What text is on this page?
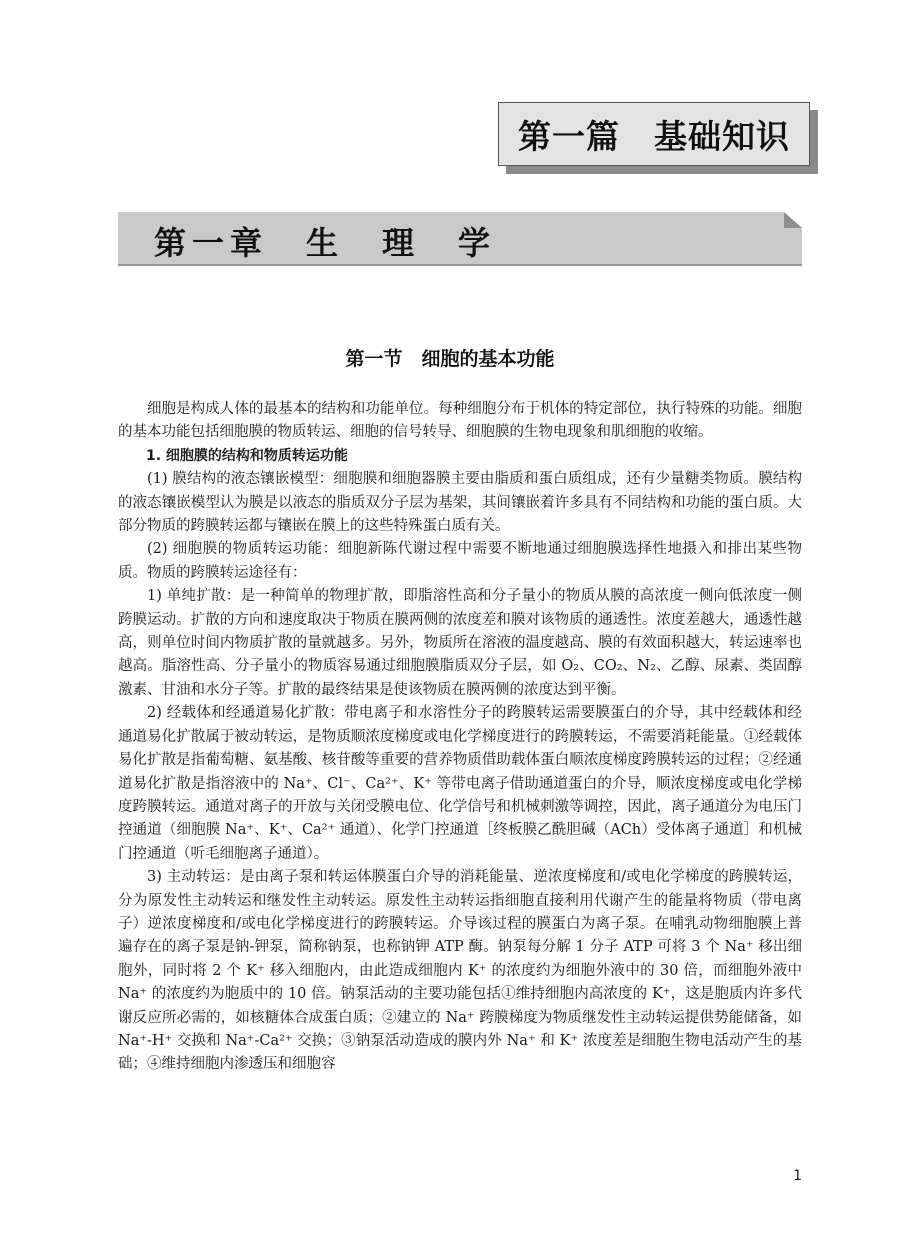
第一篇　基础知识
第一章　生　理　学
第一节　细胞的基本功能

细胞是构成人体的最基本的结构和功能单位。每种细胞分布于机体的特定部位，执行特殊的功能。细胞的基本功能包括细胞膜的物质转运、细胞的信号转导、细胞膜的生物电现象和肌细胞的收缩。

1. 细胞膜的结构和物质转运功能

(1) 膜结构的液态镶嵌模型：细胞膜和细胞器膜主要由脂质和蛋白质组成，还有少量糖类物质。膜结构的液态镶嵌模型认为膜是以液态的脂质双分子层为基架，其间镶嵌着许多具有不同结构和功能的蛋白质。大部分物质的跨膜转运都与镶嵌在膜上的这些特殊蛋白质有关。

(2) 细胞膜的物质转运功能：细胞新陈代谢过程中需要不断地通过细胞膜选择性地摄入和排出某些物质。物质的跨膜转运途径有：

1) 单纯扩散：是一种简单的物理扩散，即脂溶性高和分子量小的物质从膜的高浓度一侧向低浓度一侧跨膜运动。扩散的方向和速度取决于物质在膜两侧的浓度差和膜对该物质的通透性。浓度差越大，通透性越高，则单位时间内物质扩散的量就越多。另外，物质所在溶液的温度越高、膜的有效面积越大，转运速率也越高。脂溶性高、分子量小的物质容易通过细胞膜脂质双分子层，如 O₂、CO₂、N₂、乙醇、尿素、类固醇激素、甘油和水分子等。扩散的最终结果是使该物质在膜两侧的浓度达到平衡。

2) 经载体和经通道易化扩散：带电离子和水溶性分子的跨膜转运需要膜蛋白的介导，其中经载体和经通道易化扩散属于被动转运，是物质顺浓度梯度或电化学梯度进行的跨膜转运，不需要消耗能量。①经载体易化扩散是指葡萄糖、氨基酸、核苷酸等重要的营养物质借助载体蛋白顺浓度梯度跨膜转运的过程；②经通道易化扩散是指溶液中的 Na⁺、Cl⁻、Ca²⁺、K⁺ 等带电离子借助通道蛋白的介导，顺浓度梯度或电化学梯度跨膜转运。通道对离子的开放与关闭受膜电位、化学信号和机械刺激等调控，因此，离子通道分为电压门控通道（细胞膜 Na⁺、K⁺、Ca²⁺ 通道）、化学门控通道［终板膜乙酰胆碱（ACh）受体离子通道］和机械门控通道（听毛细胞离子通道）。

3) 主动转运：是由离子泵和转运体膜蛋白介导的消耗能量、逆浓度梯度和/或电化学梯度的跨膜转运，分为原发性主动转运和继发性主动转运。原发性主动转运指细胞直接利用代谢产生的能量将物质（带电离子）逆浓度梯度和/或电化学梯度进行的跨膜转运。介导该过程的膜蛋白为离子泵。在哺乳动物细胞膜上普遍存在的离子泵是钠-钾泵，简称钠泵，也称钠钾 ATP 酶。钠泵每分解 1 分子 ATP 可将 3 个 Na⁺ 移出细胞外，同时将 2 个 K⁺ 移入细胞内，由此造成细胞内 K⁺ 的浓度约为细胞外液中的 30 倍，而细胞外液中 Na⁺ 的浓度约为胞质中的 10 倍。钠泵活动的主要功能包括①维持细胞内高浓度的 K⁺，这是胞质内许多代谢反应所必需的，如核糖体合成蛋白质；②建立的 Na⁺ 跨膜梯度为物质继发性主动转运提供势能储备，如 Na⁺-H⁺ 交换和 Na⁺-Ca²⁺ 交换；③钠泵活动造成的膜内外 Na⁺ 和 K⁺ 浓度差是细胞生物电活动产生的基础；④维持细胞内渗透压和细胞容

1
